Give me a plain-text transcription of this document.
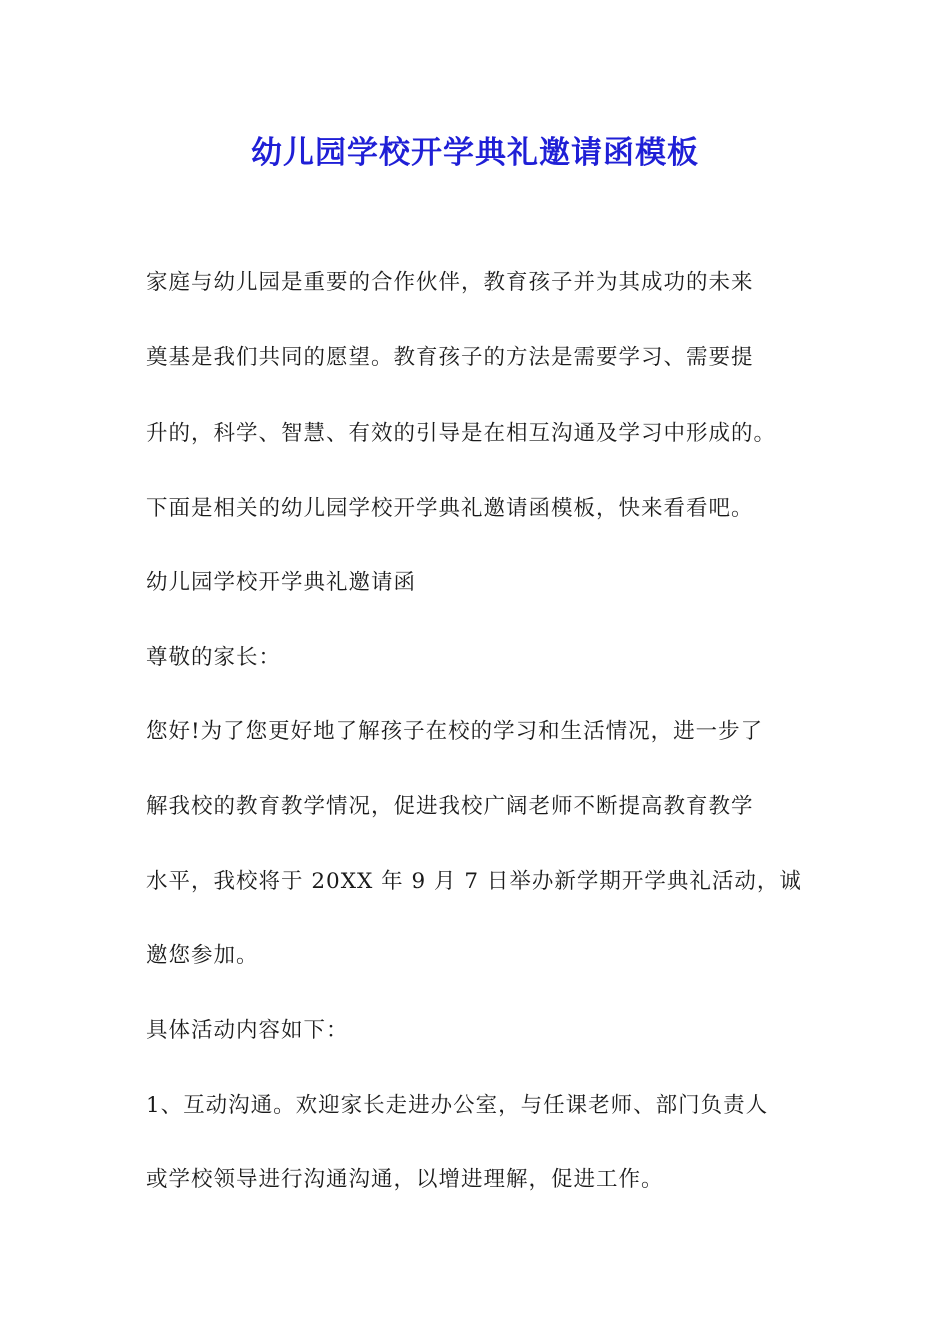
幼儿园学校开学典礼邀请函模板

家庭与幼儿园是重要的合作伙伴，教育孩子并为其成功的未来

奠基是我们共同的愿望。教育孩子的方法是需要学习、需要提

升的，科学、智慧、有效的引导是在相互沟通及学习中形成的。

下面是相关的幼儿园学校开学典礼邀请函模板，快来看看吧。

幼儿园学校开学典礼邀请函

尊敬的家长：

您好!为了您更好地了解孩子在校的学习和生活情况，进一步了

解我校的教育教学情况，促进我校广阔老师不断提高教育教学

水平，我校将于 20XX 年 9 月 7 日举办新学期开学典礼活动，诚

邀您参加。

具体活动内容如下：

1、互动沟通。欢迎家长走进办公室，与任课老师、部门负责人

或学校领导进行沟通沟通，以增进理解，促进工作。
